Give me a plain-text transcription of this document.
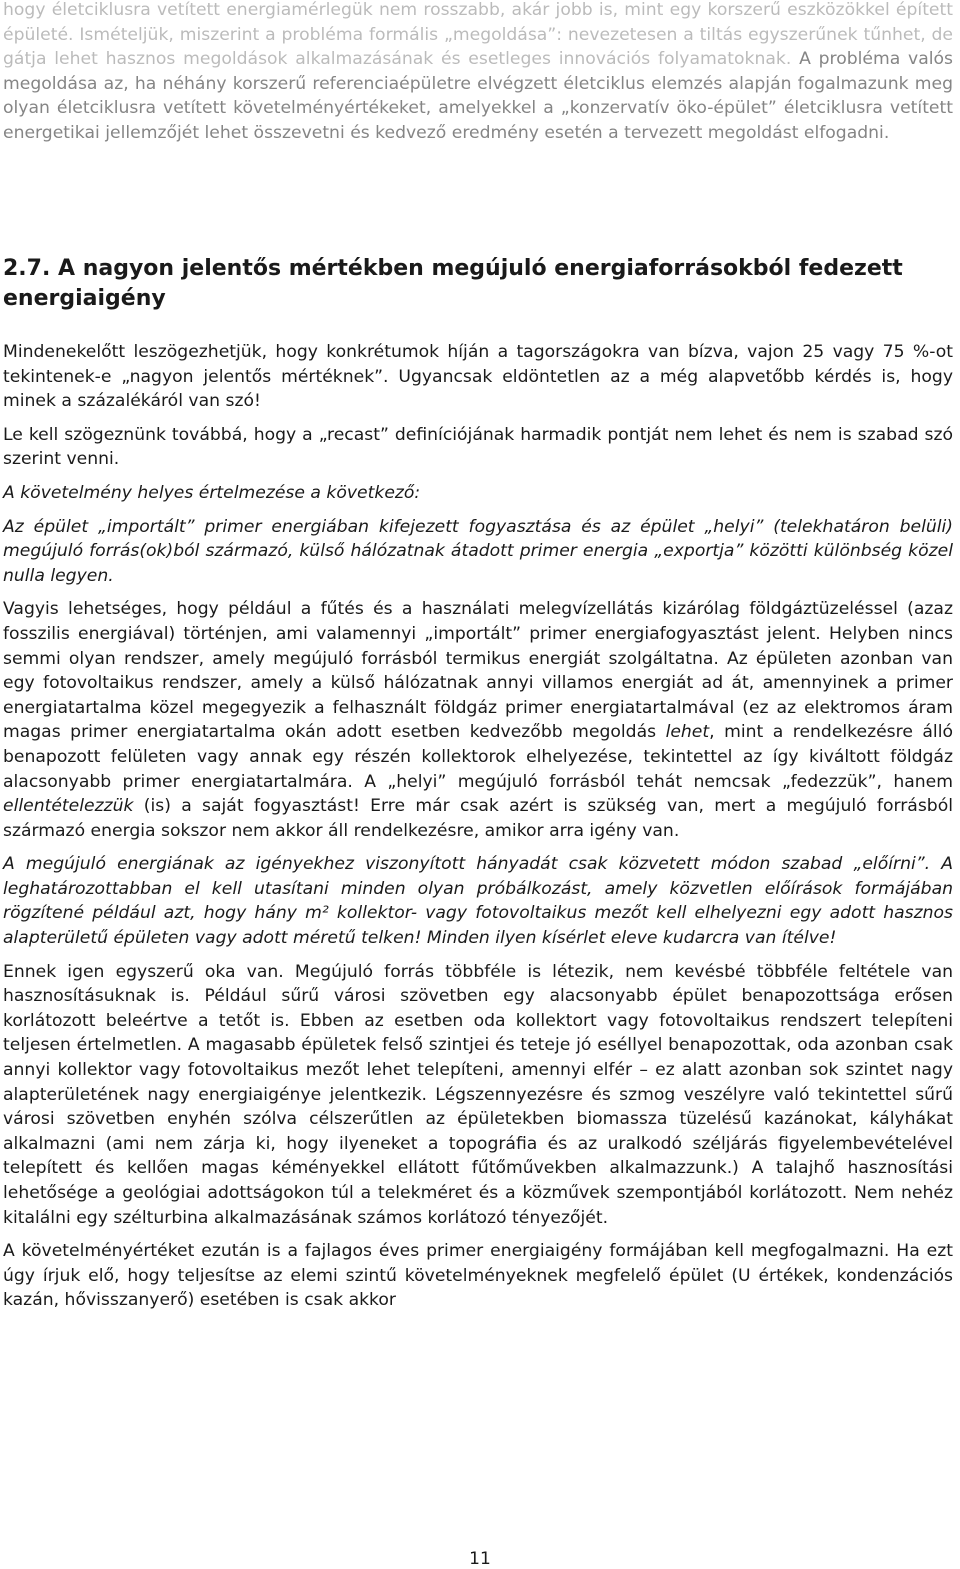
hogy életciklusra vetített energiamérlegük nem rosszabb, akár jobb is, mint egy korszerű eszközökkel épített épületé. Ismételjük, miszerint a probléma formális „megoldása”: nevezetesen a tiltás egyszerűnek tűnhet, de gátja lehet hasznos megoldások alkalmazásának és esetleges innovációs folyamatoknak. A probléma valós megoldása az, ha néhány korszerű referenciaépületre elvégzett életciklus elemzés alapján fogalmazunk meg olyan életciklusra vetített követelményértékeket, amelyekkel a „konzervatív öko-épület” életciklusra vetített energetikai jellemzőjét lehet összevetni és kedvező eredmény esetén a tervezett megoldást elfogadni.

2.7. A nagyon jelentős mértékben megújuló energiaforrásokból fedezett energiaigény

Mindenekelőtt leszögezhetjük, hogy konkrétumok híján a tagországokra van bízva, vajon 25 vagy 75 %-ot tekintenek-e „nagyon jelentős mértéknek”. Ugyancsak eldöntetlen az a még alapvetőbb kérdés is, hogy minek a százalékáról van szó!

Le kell szögeznünk továbbá, hogy a „recast” definíciójának harmadik pontját nem lehet és nem is szabad szó szerint venni.

A követelmény helyes értelmezése a következő:

Az épület „importált” primer energiában kifejezett fogyasztása és az épület „helyi” (telekhatáron belüli) megújuló forrás(ok)ból származó, külső hálózatnak átadott primer energia „exportja” közötti különbség közel nulla legyen.

Vagyis lehetséges, hogy például a fűtés és a használati melegvízellátás kizárólag földgáztüzeléssel (azaz fosszilis energiával) történjen, ami valamennyi „importált” primer energiafogyasztást jelent. Helyben nincs semmi olyan rendszer, amely megújuló forrásból termikus energiát szolgáltatna. Az épületen azonban van egy fotovoltaikus rendszer, amely a külső hálózatnak annyi villamos energiát ad át, amennyinek a primer energiatartalma közel megegyezik a felhasznált földgáz primer energiatartalmával (ez az elektromos áram magas primer energiatartalma okán adott esetben kedvezőbb megoldás lehet, mint a rendelkezésre álló benapozott felületen vagy annak egy részén kollektorok elhelyezése, tekintettel az így kiváltott földgáz alacsonyabb primer energiatartalmára. A „helyi” megújuló forrásból tehát nemcsak „fedezzük”, hanem ellentételezzük (is) a saját fogyasztást! Erre már csak azért is szükség van, mert a megújuló forrásból származó energia sokszor nem akkor áll rendelkezésre, amikor arra igény van.

A megújuló energiának az igényekhez viszonyított hányadát csak közvetett módon szabad „előírni”. A leghatározottabban el kell utasítani minden olyan próbálkozást, amely közvetlen előírások formájában rögzítené például azt, hogy hány m² kollektor- vagy fotovoltaikus mezőt kell elhelyezni egy adott hasznos alapterületű épületen vagy adott méretű telken! Minden ilyen kísérlet eleve kudarcra van ítélve!

Ennek igen egyszerű oka van. Megújuló forrás többféle is létezik, nem kevésbé többféle feltétele van hasznosításuknak is. Például sűrű városi szövetben egy alacsonyabb épület benapozottsága erősen korlátozott beleértve a tetőt is. Ebben az esetben oda kollektort vagy fotovoltaikus rendszert telepíteni teljesen értelmetlen. A magasabb épületek felső szintjei és teteje jó eséllyel benapozottak, oda azonban csak annyi kollektor vagy fotovoltaikus mezőt lehet telepíteni, amennyi elfér – ez alatt azonban sok szintet nagy alapterületének nagy energiaigénye jelentkezik. Légszennyezésre és szmog veszélyre való tekintettel sűrű városi szövetben enyhén szólva célszerűtlen az épületekben biomassza tüzelésű kazánokat, kályhákat alkalmazni (ami nem zárja ki, hogy ilyeneket a topográfia és az uralkodó széljárás figyelembevételével telepített és kellően magas kéményekkel ellátott fűtőművekben alkalmazzunk.) A talajhő hasznosítási lehetősége a geológiai adottságokon túl a telekméret és a közművek szempontjából korlátozott. Nem nehéz kitalálni egy szélturbina alkalmazásának számos korlátozó tényezőjét.

A követelményértéket ezután is a fajlagos éves primer energiaigény formájában kell megfogalmazni. Ha ezt úgy írjuk elő, hogy teljesítse az elemi szintű követelményeknek megfelelő épület (U értékek, kondenzációs kazán, hővisszanyerő) esetében is csak akkor

11
